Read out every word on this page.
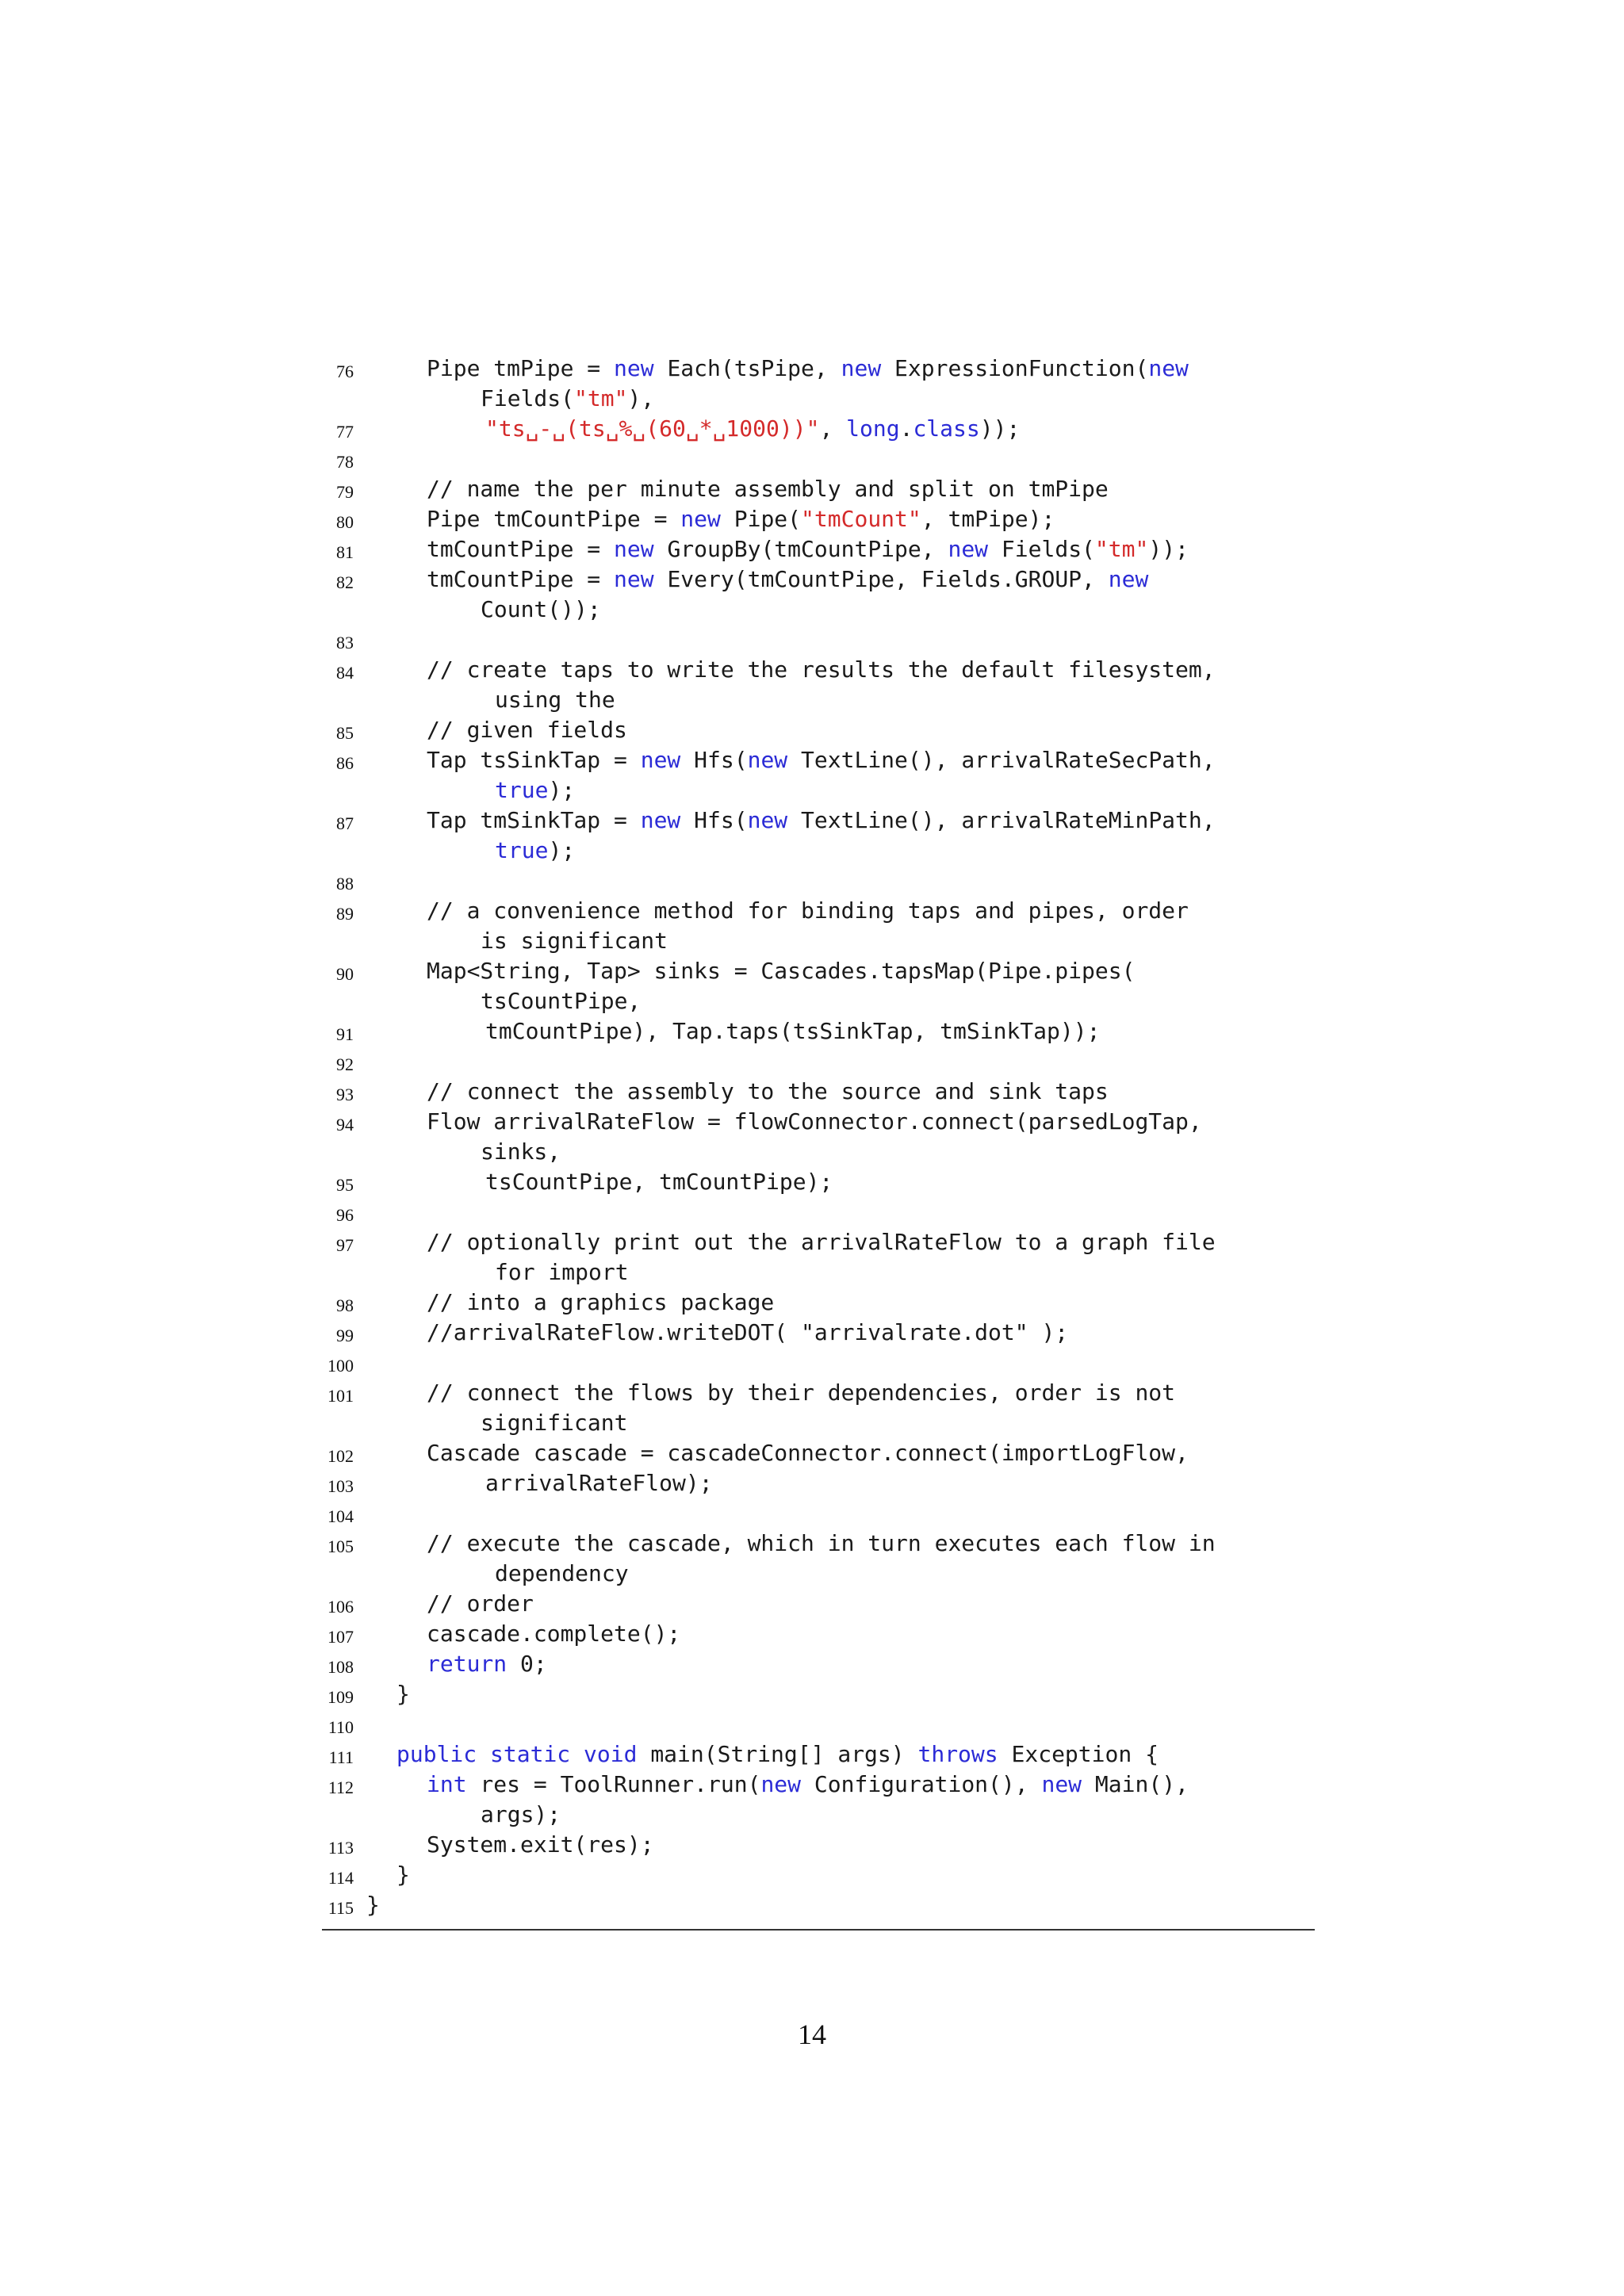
76	Pipe tmPipe = new Each(tsPipe, new ExpressionFunction(new
Fields("tm"),
77	"ts␣-␣(ts␣%␣(60␣*␣1000))", long.class));
78
79	// name the per minute assembly and split on tmPipe
80	Pipe tmCountPipe = new Pipe("tmCount", tmPipe);
81	tmCountPipe = new GroupBy(tmCountPipe, new Fields("tm"));
82	tmCountPipe = new Every(tmCountPipe, Fields.GROUP, new
Count());
83
84	// create taps to write the results the default filesystem,
using the
85	// given fields
86	Tap tsSinkTap = new Hfs(new TextLine(), arrivalRateSecPath,
true);
87	Tap tmSinkTap = new Hfs(new TextLine(), arrivalRateMinPath,
true);
88
89	// a convenience method for binding taps and pipes, order
is significant
90	Map<String, Tap> sinks = Cascades.tapsMap(Pipe.pipes(
tsCountPipe,
91	tmCountPipe), Tap.taps(tsSinkTap, tmSinkTap));
92
93	// connect the assembly to the source and sink taps
94	Flow arrivalRateFlow = flowConnector.connect(parsedLogTap,
sinks,
95	tsCountPipe, tmCountPipe);
96
97	// optionally print out the arrivalRateFlow to a graph file
for import
98	// into a graphics package
99	//arrivalRateFlow.writeDOT( "arrivalrate.dot" );
100
101	// connect the flows by their dependencies, order is not
significant
102	Cascade cascade = cascadeConnector.connect(importLogFlow,
103	arrivalRateFlow);
104
105	// execute the cascade, which in turn executes each flow in
dependency
106	// order
107	cascade.complete();
108	return 0;
109 }
110
111 public static void main(String[] args) throws Exception {
112	int res = ToolRunner.run(new Configuration(), new Main(),
args);
113	System.exit(res);
114 }
115 }
14
